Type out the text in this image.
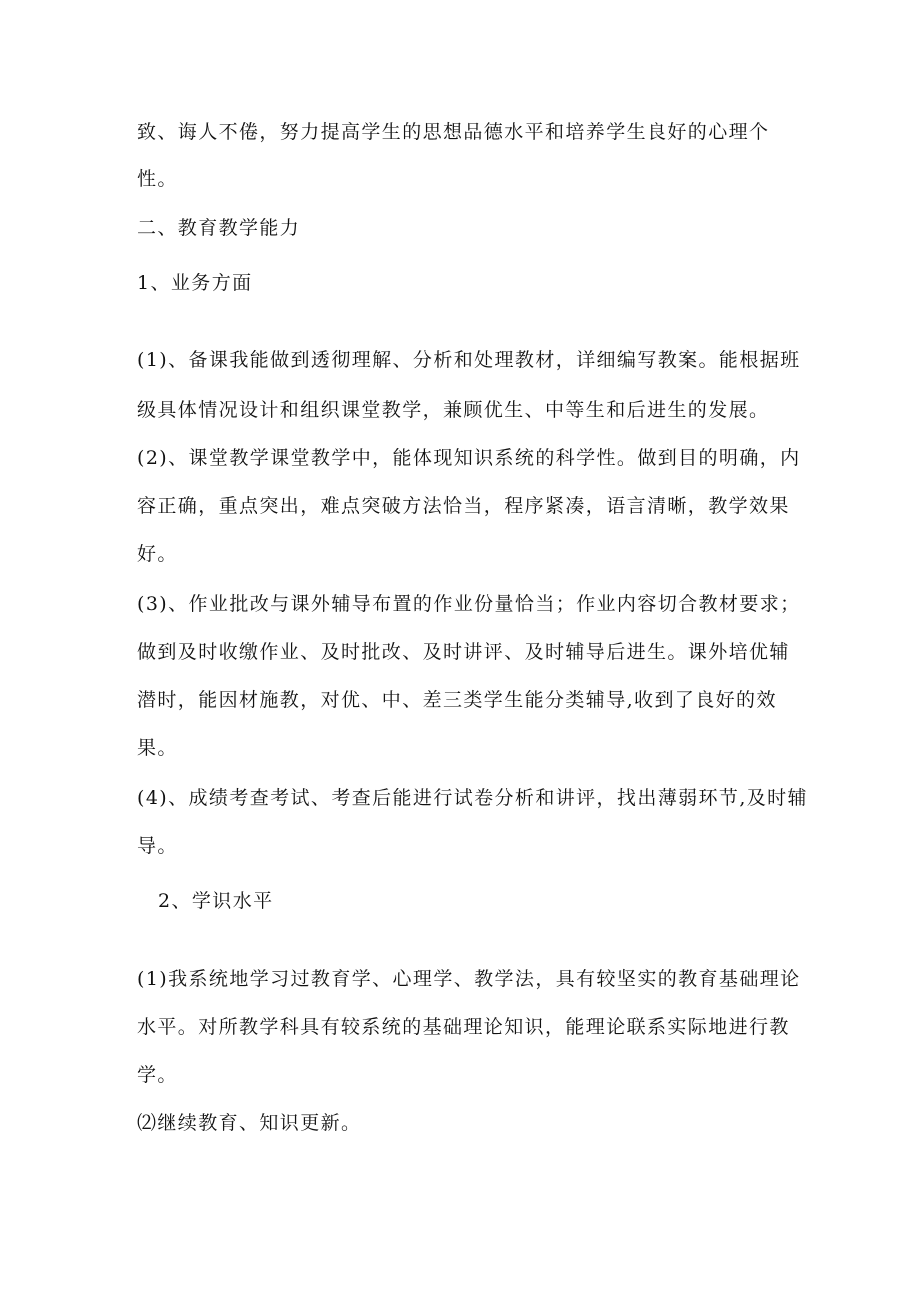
致、诲人不倦，努力提高学生的思想品德水平和培养学生良好的心理个
性。
二、教育教学能力
1、业务方面
(1)、备课我能做到透彻理解、分析和处理教材，详细编写教案。能根据班
级具体情况设计和组织课堂教学，兼顾优生、中等生和后进生的发展。
(2)、课堂教学课堂教学中，能体现知识系统的科学性。做到目的明确，内
容正确，重点突出，难点突破方法恰当，程序紧凑，语言清晰，教学效果
好。
(3)、作业批改与课外辅导布置的作业份量恰当；作业内容切合教材要求；
做到及时收缴作业、及时批改、及时讲评、及时辅导后进生。课外培优辅
潜时，能因材施教，对优、中、差三类学生能分类辅导,收到了良好的效
果。
(4)、成绩考查考试、考查后能进行试卷分析和讲评，找出薄弱环节,及时辅
导。
2、学识水平
(1)我系统地学习过教育学、心理学、教学法，具有较坚实的教育基础理论
水平。对所教学科具有较系统的基础理论知识，能理论联系实际地进行教
学。
⑵继续教育、知识更新。
